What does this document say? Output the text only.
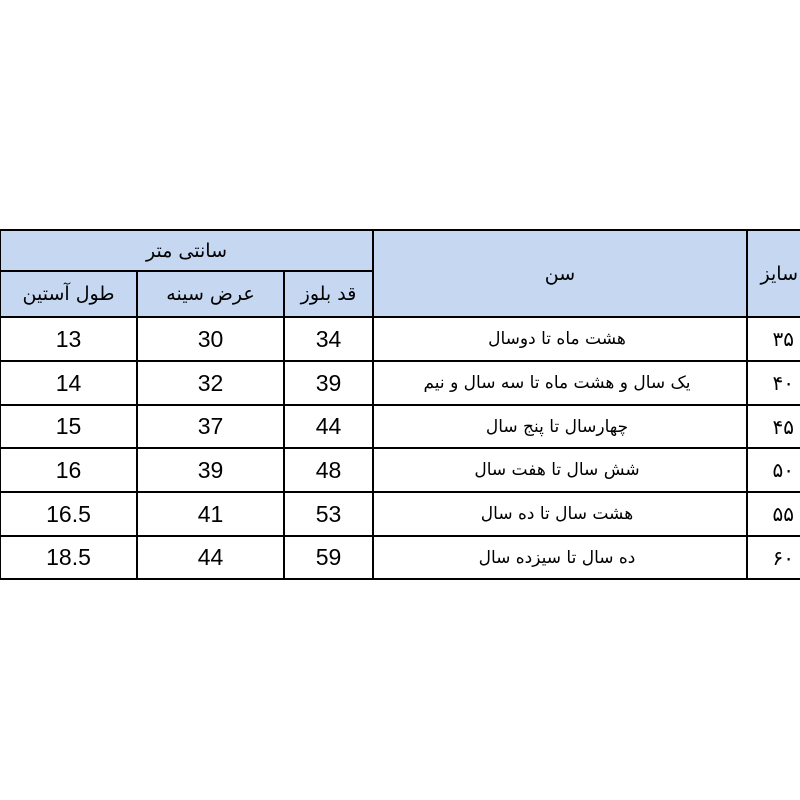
سانتی متر			سن	سایز
طول آستین	عرض سینه	قد بلوز		
13	30	34	هشت ماه تا دوسال	۳۵
14	32	39	یک سال و هشت ماه تا سه سال و نیم	۴۰
15	37	44	چهارسال تا پنج سال	۴۵
16	39	48	شش سال تا هفت سال	۵۰
16.5	41	53	هشت سال تا ده سال	۵۵
18.5	44	59	ده سال تا سیزده سال	۶۰
